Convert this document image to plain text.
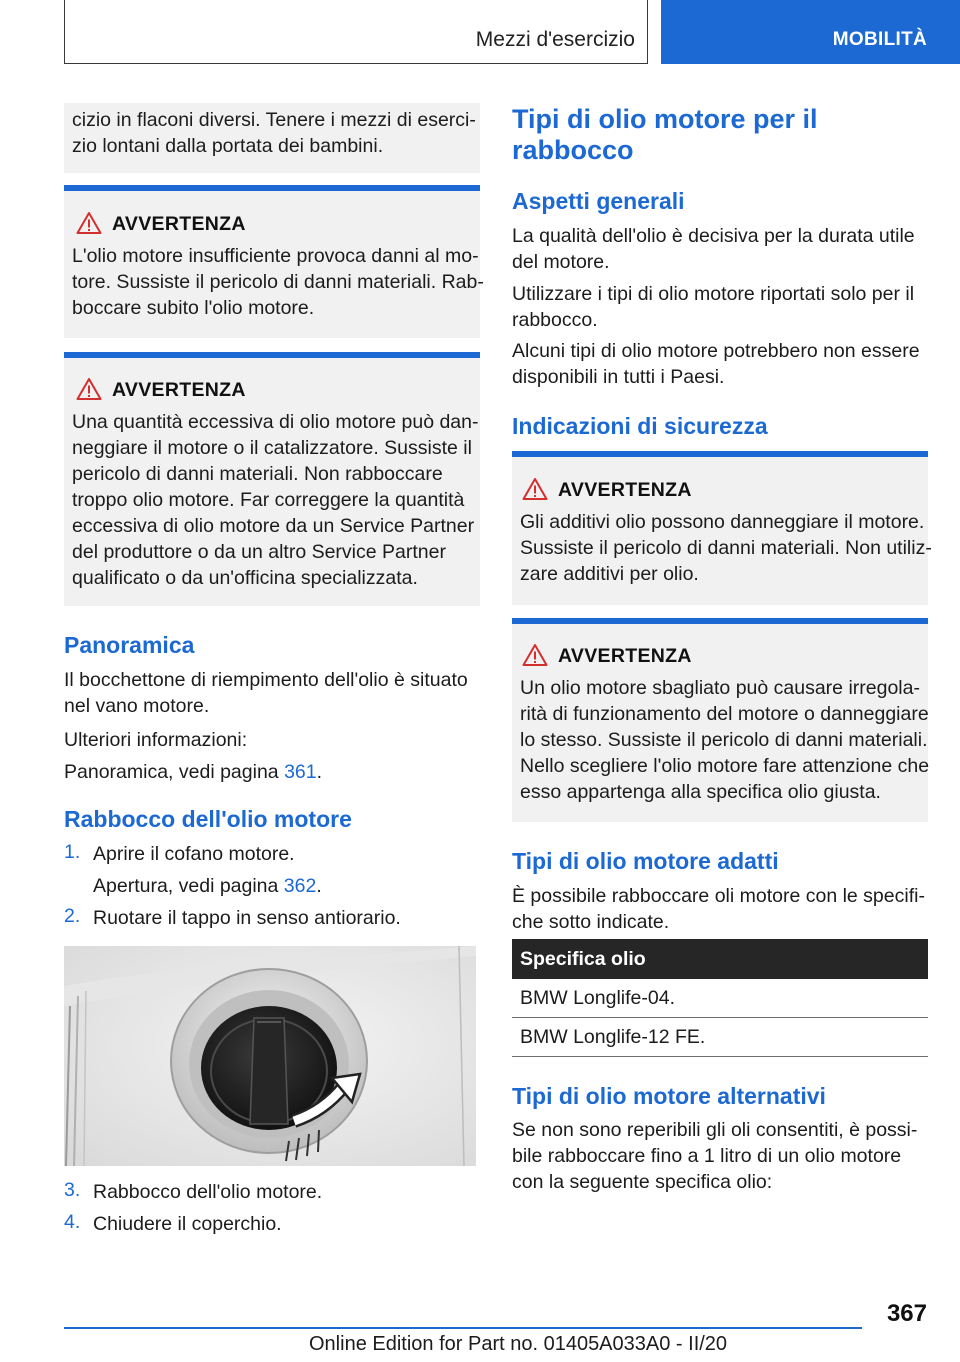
Mezzi d'esercizio	MOBILITÀ

cizio in flaconi diversi. Tenere i mezzi di eserci-

zio lontani dalla portata dei bambini.

AVVERTENZA

L'olio motore insufficiente provoca danni al mo-

tore. Sussiste il pericolo di danni materiali. Rab-

boccare subito l'olio motore.

AVVERTENZA

Una quantità eccessiva di olio motore può dan-

neggiare il motore o il catalizzatore. Sussiste il

pericolo di danni materiali. Non rabboccare

troppo olio motore. Far correggere la quantità

eccessiva di olio motore da un Service Partner

del produttore o da un altro Service Partner

qualificato o da un'officina specializzata.

Panoramica

Il bocchettone di riempimento dell'olio è situato

nel vano motore.

Ulteriori informazioni:

Panoramica, vedi pagina 361.

Rabbocco dell'olio motore
1. Aprire il cofano motore.

Apertura, vedi pagina 362.

2. Ruotare il tappo in senso antiorario.

3. Rabbocco dell'olio motore.

4. Chiudere il coperchio.

Tipi di olio motore per il
rabbocco
Aspetti generali

La qualità dell'olio è decisiva per la durata utile

del motore.

Utilizzare i tipi di olio motore riportati solo per il

rabbocco.

Alcuni tipi di olio motore potrebbero non essere

disponibili in tutti i Paesi.

Indicazioni di sicurezza
AVVERTENZA

Gli additivi olio possono danneggiare il motore.

Sussiste il pericolo di danni materiali. Non utiliz-

zare additivi per olio.

AVVERTENZA

Un olio motore sbagliato può causare irregola-

rità di funzionamento del motore o danneggiare

lo stesso. Sussiste il pericolo di danni materiali.

Nello scegliere l'olio motore fare attenzione che

esso appartenga alla specifica olio giusta.

Tipi di olio motore adatti

È possibile rabboccare oli motore con le specifi-

che sotto indicate.

Specifica olio
BMW Longlife-04.
BMW Longlife-12 FE.
Tipi di olio motore alternativi

Se non sono reperibili gli oli consentiti, è possi-

bile rabboccare fino a 1 litro di un olio motore

con la seguente specifica olio:

367
Online Edition for Part no. 01405A033A0 - II/20
